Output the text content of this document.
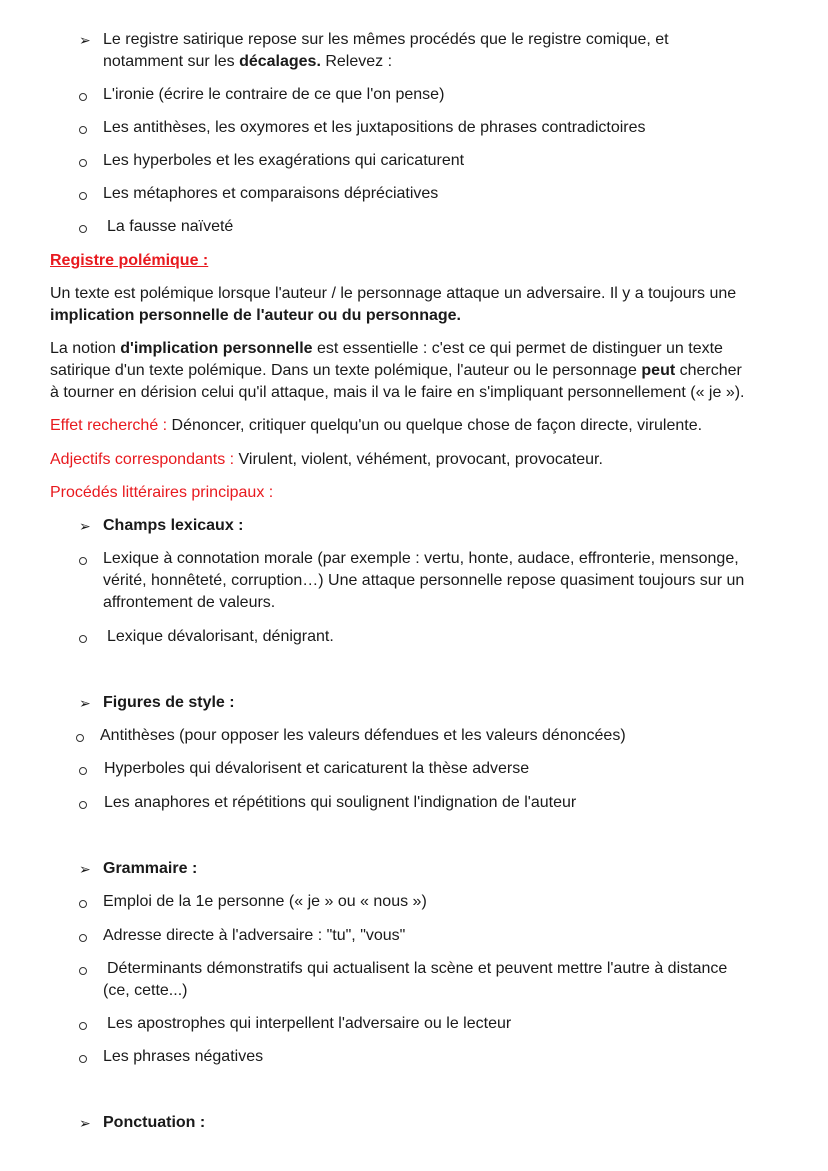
➢ Le registre satirique repose sur les mêmes procédés que le registre comique, et
notamment sur les décalages. Relevez :
L'ironie (écrire le contraire de ce que l'on pense)
Les antithèses, les oxymores et les juxtapositions de phrases contradictoires
Les hyperboles et les exagérations qui caricaturent
Les métaphores et comparaisons dépréciatives
La fausse naïveté
Registre polémique :
Un texte est polémique lorsque l'auteur / le personnage attaque un adversaire. Il y a toujours une
implication personnelle de l'auteur ou du personnage.
La notion d'implication personnelle est essentielle : c'est ce qui permet de distinguer un texte
satirique d'un texte polémique. Dans un texte polémique, l'auteur ou le personnage peut chercher
à tourner en dérision celui qu'il attaque, mais il va le faire en s'impliquant personnellement (« je »).
Effet recherché : Dénoncer, critiquer quelqu'un ou quelque chose de façon directe, virulente.
Adjectifs correspondants : Virulent, violent, véhément, provocant, provocateur.
Procédés littéraires principaux :
➢ Champs lexicaux :
Lexique à connotation morale (par exemple : vertu, honte, audace, effronterie, mensonge,
vérité, honnêteté, corruption…) Une attaque personnelle repose quasiment toujours sur un
affrontement de valeurs.
Lexique dévalorisant, dénigrant.
➢ Figures de style :
Antithèses (pour opposer les valeurs défendues et les valeurs dénoncées)
Hyperboles qui dévalorisent et caricaturent la thèse adverse
Les anaphores et répétitions qui soulignent l'indignation de l'auteur
➢ Grammaire :
Emploi de la 1e personne (« je » ou « nous »)
Adresse directe à l'adversaire : "tu", "vous"
Déterminants démonstratifs qui actualisent la scène et peuvent mettre l'autre à distance
(ce, cette...)
Les apostrophes qui interpellent l'adversaire ou le lecteur
Les phrases négatives
➢ Ponctuation :
